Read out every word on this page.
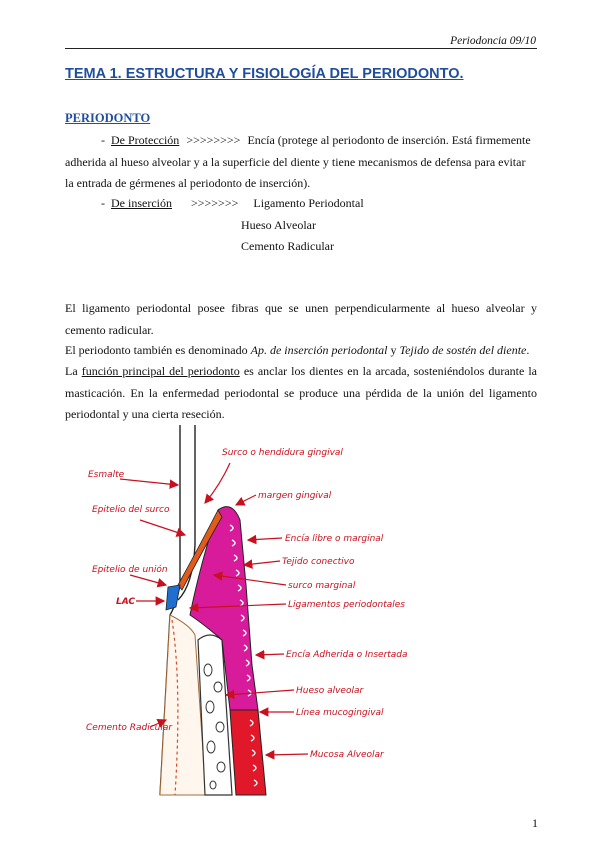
Periodoncia 09/10
TEMA 1. ESTRUCTURA Y FISIOLOGÍA DEL PERIODONTO.
PERIODONTO
- De Protección >>>>>>>> Encía (protege al periodonto de inserción. Está firmemente
adherida al hueso alveolar y a la superficie del diente y tiene mecanismos de defensa para evitar
la entrada de gérmenes al periodonto de inserción).
- De inserción >>>>>>> Ligamento Periodontal
Hueso Alveolar
Cemento Radicular
El ligamento periodontal posee fibras que se unen perpendicularmente al hueso alveolar y cemento radicular.
El periodonto también es denominado Ap. de inserción periodontal y Tejido de sostén del diente.
La función principal del periodonto es anclar los dientes en la arcada, sosteniéndolos durante la masticación. En la enfermedad periodontal se produce una pérdida de la unión del ligamento periodontal y una cierta reseción.
Esmalte
Epitelio del surco
Epitelio de unión
LAC
Cemento Radicular
Surco o hendidura gingival
margen gingival
Encía libre o marginal
Tejido conectivo
surco marginal
Ligamentos periodontales
Encía Adherida o Insertada
Hueso alveolar
Línea mucogingival
Mucosa Alveolar
1
